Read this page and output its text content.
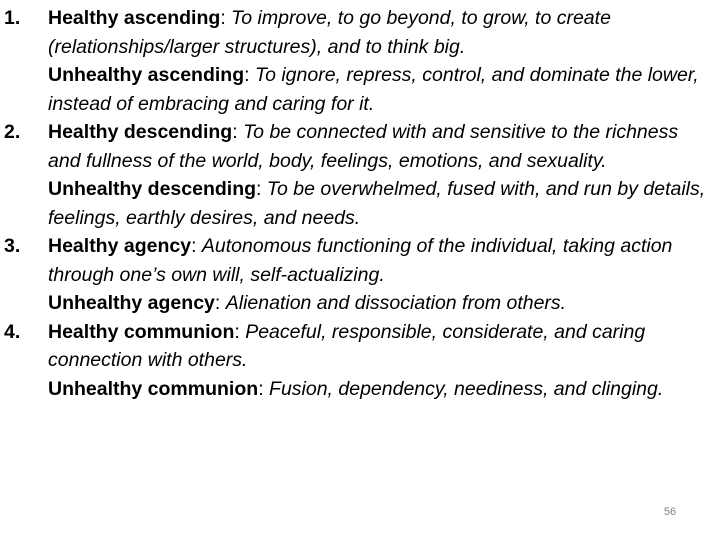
1. Healthy ascending: To improve, to go beyond, to grow, to create (relationships/larger structures), and to think big.
Unhealthy ascending: To ignore, repress, control, and dominate the lower, instead of embracing and caring for it.
2. Healthy descending: To be connected with and sensitive to the richness and fullness of the world, body, feelings, emotions, and sexuality.
Unhealthy descending: To be overwhelmed, fused with, and run by details, feelings, earthly desires, and needs.
3. Healthy agency: Autonomous functioning of the individual, taking action through one’s own will, self-actualizing.
Unhealthy agency: Alienation and dissociation from others.
4. Healthy communion: Peaceful, responsible, considerate, and caring connection with others.
Unhealthy communion: Fusion, dependency, neediness, and clinging.
56
